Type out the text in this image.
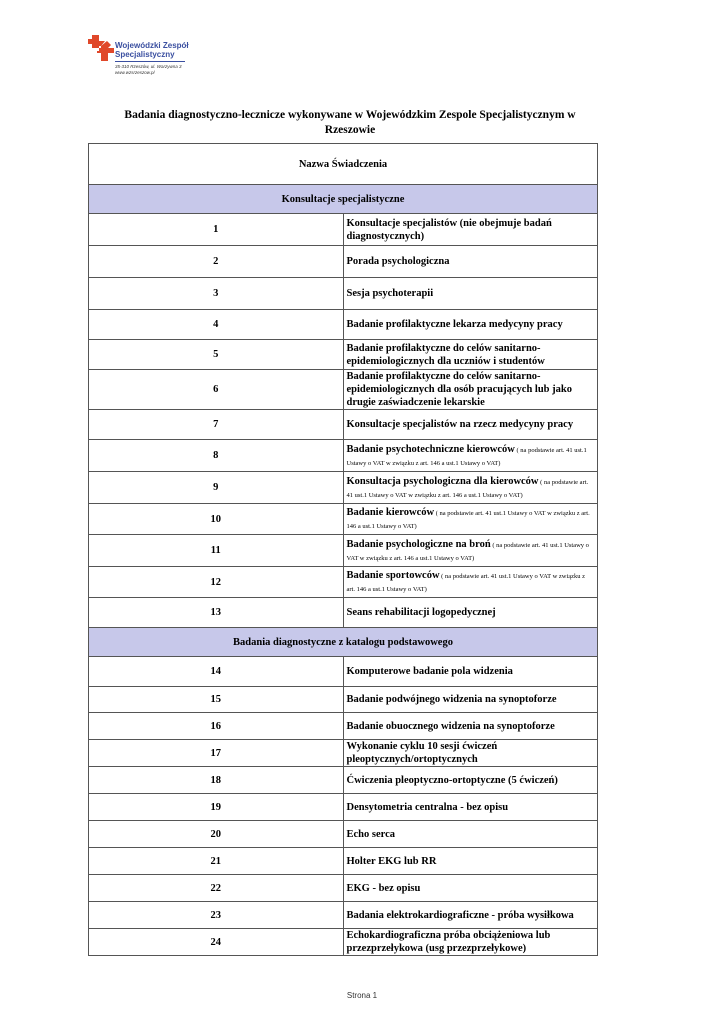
Wojewódzki Zespół
Specjalistyczny
35-310 Rzeszów, ul. Warzywna 3
www.wzsrzeszow.pl
Badania diagnostyczno-lecznicze wykonywane w Wojewódzkim Zespole Specjalistycznym w Rzeszowie
Nazwa Świadczenia	
Konsultacje specjalistyczne	
1	Konsultacje specjalistów (nie obejmuje badań diagnostycznych)
2	Porada psychologiczna
3	Sesja psychoterapii
4	Badanie profilaktyczne lekarza medycyny pracy
5	Badanie profilaktyczne do celów sanitarno-epidemiologicznych dla uczniów i studentów
6	Badanie profilaktyczne do celów sanitarno-epidemiologicznych dla osób pracujących lub jako drugie zaświadczenie lekarskie
7	Konsultacje specjalistów na rzecz medycyny pracy
8	Badanie psychotechniczne kierowców ( na podstawie art. 41 ust.1 Ustawy o VAT w związku z art. 146 a ust.1 Ustawy o VAT)
9	Konsultacja psychologiczna dla kierowców ( na podstawie art. 41 ust.1 Ustawy o VAT w związku z art. 146 a ust.1 Ustawy o VAT)
10	Badanie kierowców ( na podstawie art. 41 ust.1 Ustawy o VAT w związku z art. 146 a ust.1 Ustawy o VAT)
11	Badanie psychologiczne na broń ( na podstawie art. 41 ust.1 Ustawy o VAT w związku z art. 146 a ust.1 Ustawy o VAT)
12	Badanie sportowców ( na podstawie art. 41 ust.1 Ustawy o VAT w związku z art. 146 a ust.1 Ustawy o VAT)
13	Seans rehabilitacji logopedycznej
Badania diagnostyczne z katalogu podstawowego	
14	Komputerowe badanie pola widzenia
15	Badanie podwójnego widzenia na synoptoforze
16	Badanie obuocznego widzenia na synoptoforze
17	Wykonanie cyklu 10 sesji ćwiczeń pleoptycznych/ortoptycznych
18	Ćwiczenia pleoptyczno-ortoptyczne (5 ćwiczeń)
19	Densytometria centralna - bez opisu
20	Echo serca
21	Holter EKG lub RR
22	EKG - bez opisu
23	Badania elektrokardiograficzne - próba wysiłkowa
24	Echokardiograficzna próba obciążeniowa lub przezprzełykowa (usg przezprzełykowe)
Strona 1
